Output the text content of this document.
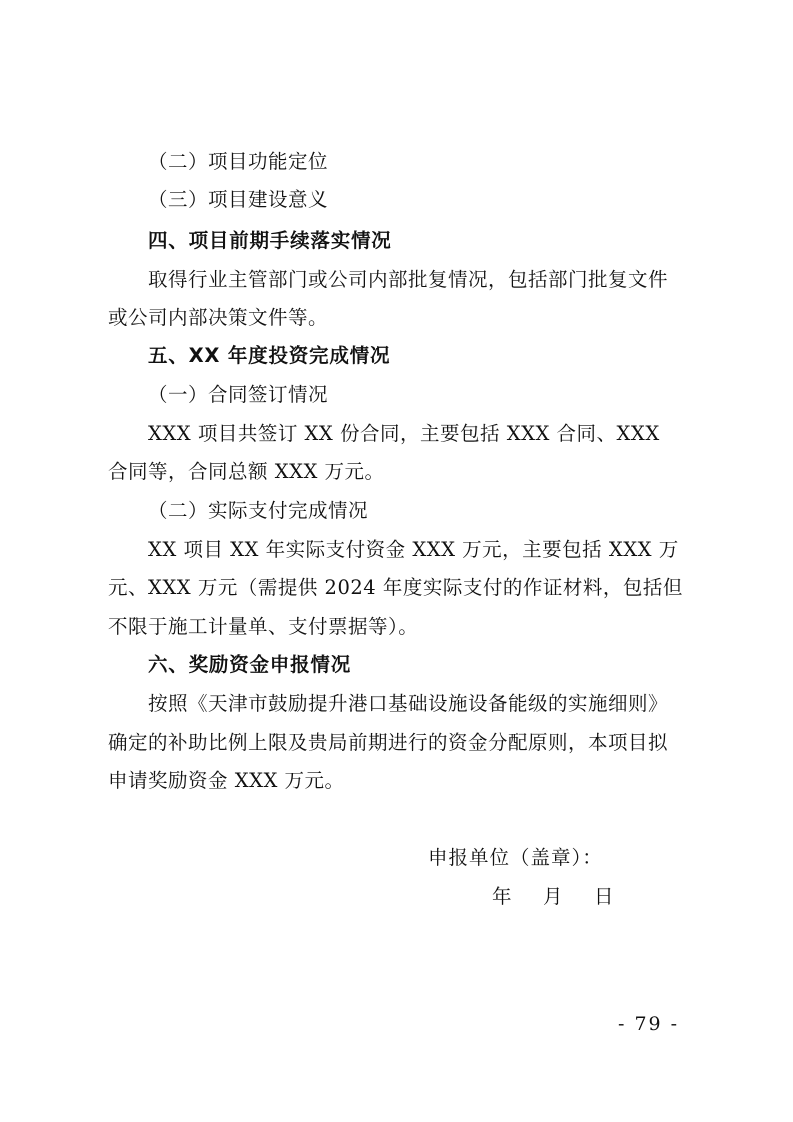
（二）项目功能定位
（三）项目建设意义
四、项目前期手续落实情况
取得行业主管部门或公司内部批复情况，包括部门批复文件
或公司内部决策文件等。
五、XX 年度投资完成情况
（一）合同签订情况
XXX 项目共签订 XX 份合同，主要包括 XXX 合同、XXX
合同等，合同总额 XXX 万元。
（二）实际支付完成情况
XX 项目 XX 年实际支付资金 XXX 万元，主要包括 XXX 万
元、XXX 万元（需提供 2024 年度实际支付的作证材料，包括但
不限于施工计量单、支付票据等）。
六、奖励资金申报情况
按照《天津市鼓励提升港口基础设施设备能级的实施细则》
确定的补助比例上限及贵局前期进行的资金分配原则，本项目拟
申请奖励资金 XXX 万元。
申报单位（盖章）：
年　月　日
- 79 -
